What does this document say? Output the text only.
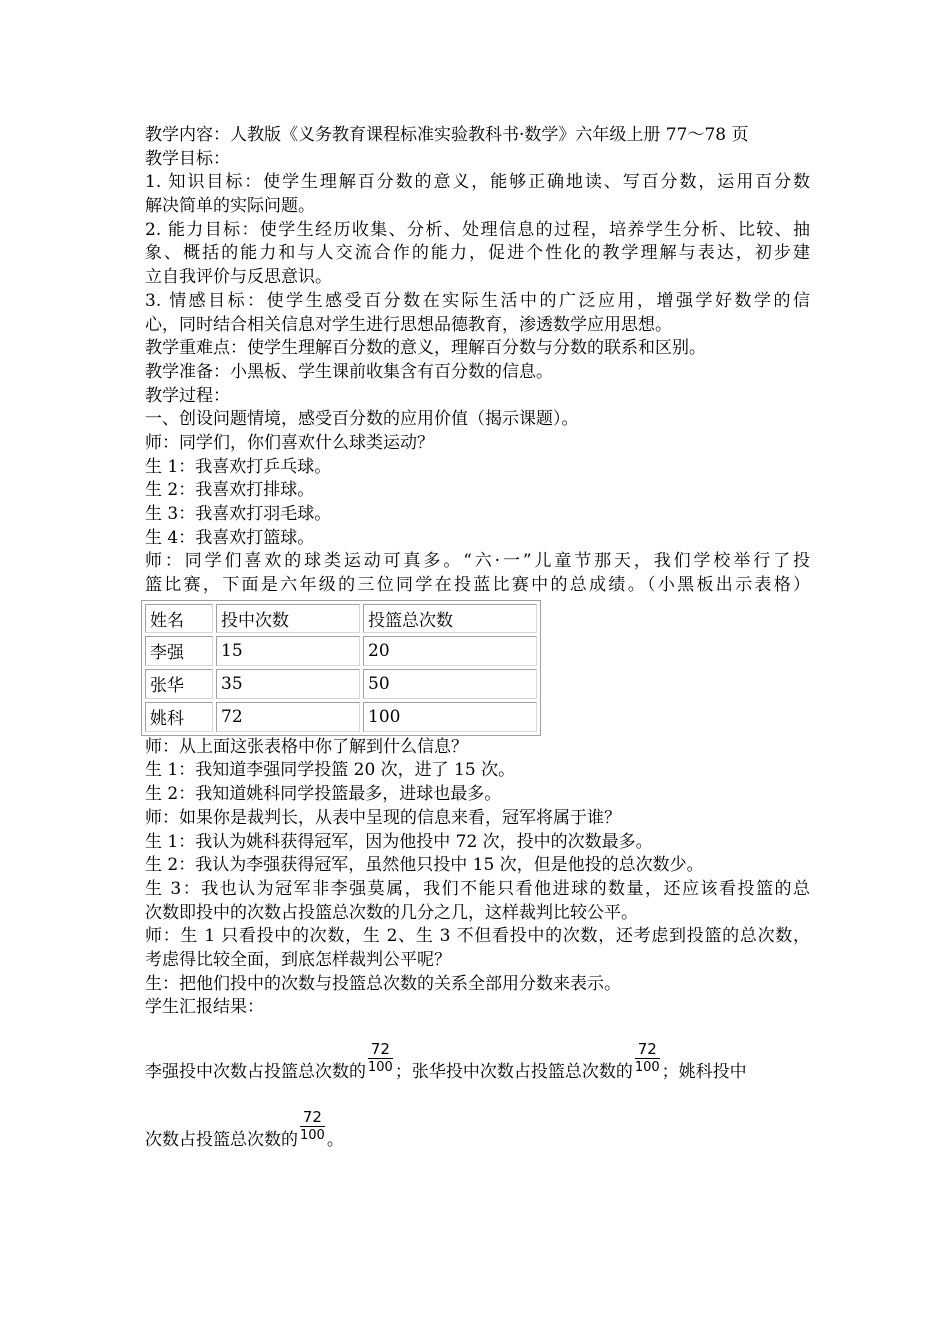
教学内容：人教版《义务教育课程标准实验教科书·数学》六年级上册 77～78 页
教学目标：
1. 知识目标：使学生理解百分数的意义，能够正确地读、写百分数，运用百分数
解决简单的实际问题。
2. 能力目标：使学生经历收集、分析、处理信息的过程，培养学生分析、比较、抽
象、概括的能力和与人交流合作的能力，促进个性化的教学理解与表达，初步建
立自我评价与反思意识。
3. 情感目标：使学生感受百分数在实际生活中的广泛应用，增强学好数学的信
心，同时结合相关信息对学生进行思想品德教育，渗透数学应用思想。
教学重难点：使学生理解百分数的意义，理解百分数与分数的联系和区别。
教学准备：小黑板、学生课前收集含有百分数的信息。
教学过程：
一、创设问题情境，感受百分数的应用价值（揭示课题）。
师：同学们，你们喜欢什么球类运动？
生 1：我喜欢打乒乓球。
生 2：我喜欢打排球。
生 3：我喜欢打羽毛球。
生 4：我喜欢打篮球。
师：同学们喜欢的球类运动可真多。“六·一”儿童节那天，我们学校举行了投
篮比赛，下面是六年级的三位同学在投蓝比赛中的总成绩。（小黑板出示表格）
姓名	投中次数	投篮总次数
李强	15	20
张华	35	50
姚科	72	100
师：从上面这张表格中你了解到什么信息？
生 1：我知道李强同学投篮 20 次，进了 15 次。
生 2：我知道姚科同学投篮最多，进球也最多。
师：如果你是裁判长，从表中呈现的信息来看，冠军将属于谁？
生 1：我认为姚科获得冠军，因为他投中 72 次，投中的次数最多。
生 2：我认为李强获得冠军，虽然他只投中 15 次，但是他投的总次数少。
生 3：我也认为冠军非李强莫属，我们不能只看他进球的数量，还应该看投篮的总
次数即投中的次数占投篮总次数的几分之几，这样裁判比较公平。
师：生 1 只看投中的次数，生 2、生 3 不但看投中的次数，还考虑到投篮的总次数，
考虑得比较全面，到底怎样裁判公平呢？
生：把他们投中的次数与投篮总次数的关系全部用分数来表示。
学生汇报结果：
李强投中次数占投篮总次数的 $\frac{72}{100}$ ；张华投中次数占投篮总次数的 $\frac{72}{100}$ ；姚科投中
次数占投篮总次数的 $\frac{72}{100}$ 。
